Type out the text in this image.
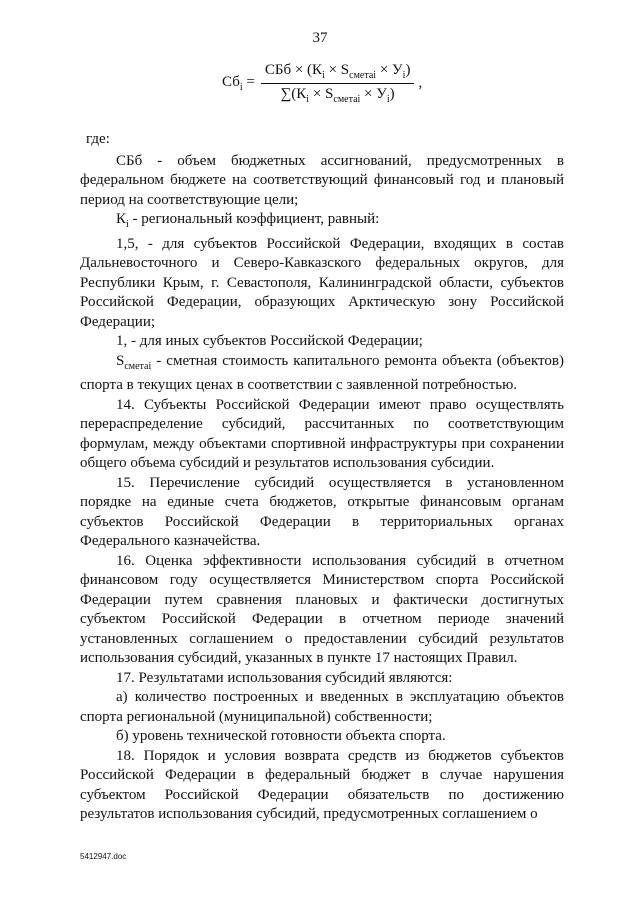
37
$Сб_i = \frac{СБб \times (К_i \times S_{сметаi} \times У_i)}{\sum(К_i \times S_{сметаi} \times У_i)}$ ,

где:

СБб - объем бюджетных ассигнований, предусмотренных в федеральном бюджете на соответствующий финансовый год и плановый период на соответствующие цели;

$К_i$ - региональный коэффициент, равный:

1,5, - для субъектов Российской Федерации, входящих в состав Дальневосточного и Северо-Кавказского федеральных округов, для Республики Крым, г. Севастополя, Калининградской области, субъектов Российской Федерации, образующих Арктическую зону Российской Федерации;

1, - для иных субъектов Российской Федерации;

$S_{сметаi}$ - сметная стоимость капитального ремонта объекта (объектов) спорта в текущих ценах в соответствии с заявленной потребностью.

14. Субъекты Российской Федерации имеют право осуществлять перераспределение субсидий, рассчитанных по соответствующим формулам, между объектами спортивной инфраструктуры при сохранении общего объема субсидий и результатов использования субсидии.

15. Перечисление субсидий осуществляется в установленном порядке на единые счета бюджетов, открытые финансовым органам субъектов Российской Федерации в территориальных органах Федерального казначейства.

16. Оценка эффективности использования субсидий в отчетном финансовом году осуществляется Министерством спорта Российской Федерации путем сравнения плановых и фактически достигнутых субъектом Российской Федерации в отчетном периоде значений установленных соглашением о предоставлении субсидий результатов использования субсидий, указанных в пункте 17 настоящих Правил.

17. Результатами использования субсидий являются:

а) количество построенных и введенных в эксплуатацию объектов спорта региональной (муниципальной) собственности;

б) уровень технической готовности объекта спорта.

18. Порядок и условия возврата средств из бюджетов субъектов Российской Федерации в федеральный бюджет в случае нарушения субъектом Российской Федерации обязательств по достижению результатов использования субсидий, предусмотренных соглашением о

5412947.doc
